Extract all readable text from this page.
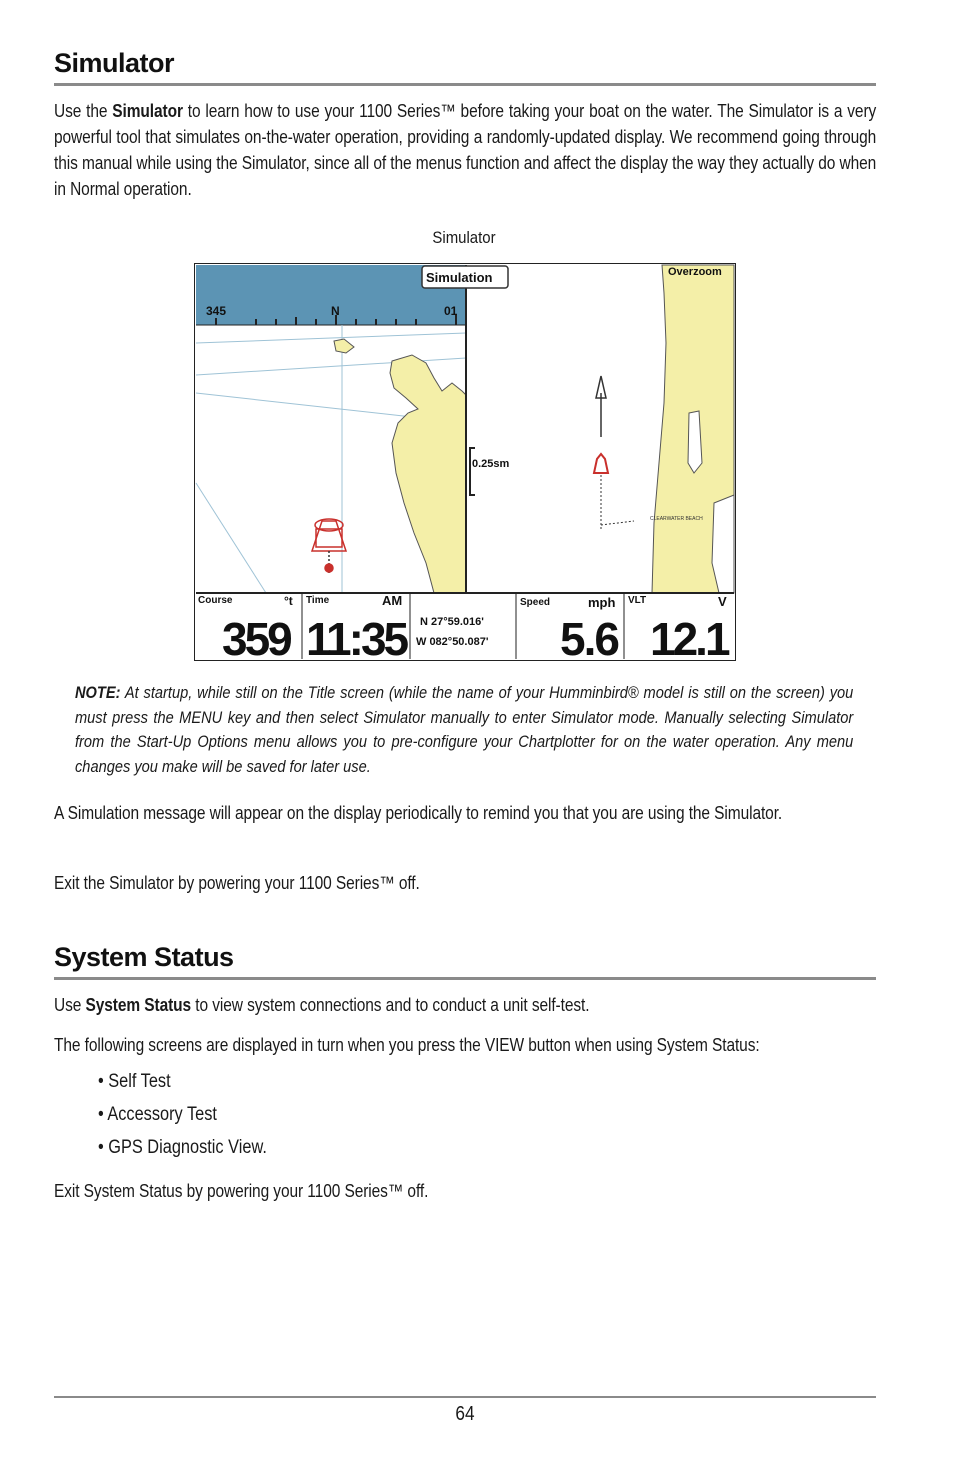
Simulator

Use the Simulator to learn how to use your 1100 Series™ before taking your boat on the water. The Simulator is a very powerful tool that simulates on-the-water operation, providing a randomly-updated display. We recommend going through this manual while using the Simulator, since all of the menus function and affect the display the way they actually do when in Normal operation.

Simulator
345	N	01
CLEARWATER BEACH
0.25sm
Overzoom
Simulation
Course	°t
359
Time	AM
11:35 N 27°59.016'
W 082°50.087'
Speed	mph
5.6
VLT	V
12.1
NOTE: At startup, while still on the Title screen (while the name of your Humminbird® model is still on the screen) you must press the MENU key and then select Simulator manually to enter Simulator mode. Manually selecting Simulator from the Start-Up Options menu allows you to pre-configure your Chartplotter for on the water operation. Any menu changes you make will be saved for later use.

A Simulation message will appear on the display periodically to remind you that you are using the Simulator.

Exit the Simulator by powering your 1100 Series™ off.

System Status

Use System Status to view system connections and to conduct a unit self-test.

The following screens are displayed in turn when you press the VIEW button when using System Status:

• Self Test
• Accessory Test
• GPS Diagnostic View.

Exit System Status by powering your 1100 Series™ off.

64
